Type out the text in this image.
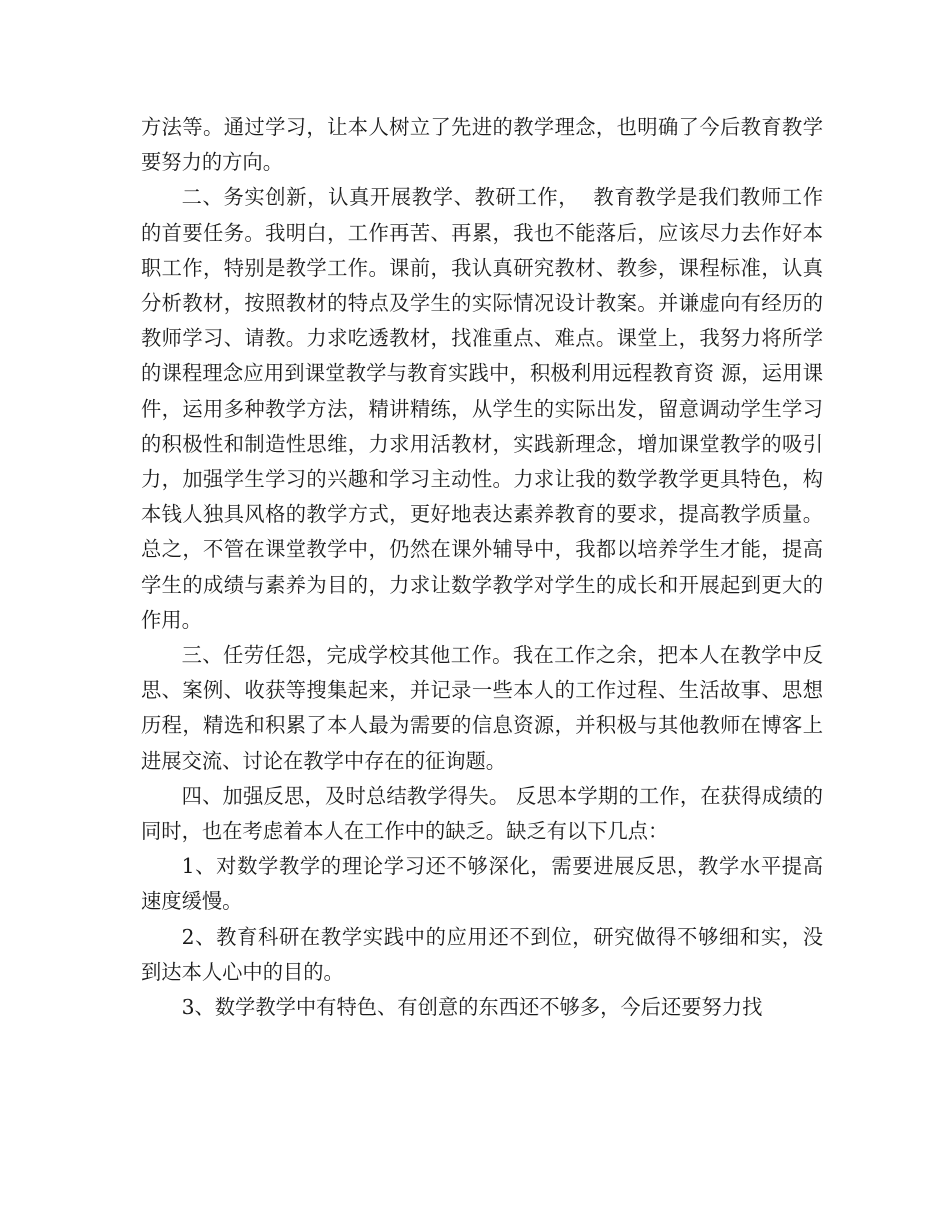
方法等。通过学习，让本人树立了先进的教学理念，也明确了今后教育教学要努力的方向。

二、务实创新，认真开展教学、教研工作，  教育教学是我们教师工作的首要任务。我明白，工作再苦、再累，我也不能落后，应该尽力去作好本职工作，特别是教学工作。课前，我认真研究教材、教参，课程标准，认真分析教材，按照教材的特点及学生的实际情况设计教案。并谦虚向有经历的教师学习、请教。力求吃透教材，找准重点、难点。课堂上，我努力将所学的课程理念应用到课堂教学与教育实践中，积极利用远程教育资 源，运用课件，运用多种教学方法，精讲精练，从学生的实际出发，留意调动学生学习的积极性和制造性思维，力求用活教材，实践新理念，增加课堂教学的吸引力，加强学生学习的兴趣和学习主动性。力求让我的数学教学更具特色，构本钱人独具风格的教学方式，更好地表达素养教育的要求，提高教学质量。总之，不管在课堂教学中，仍然在课外辅导中，我都以培养学生才能，提高学生的成绩与素养为目的，力求让数学教学对学生的成长和开展起到更大的作用。

三、任劳任怨，完成学校其他工作。我在工作之余，把本人在教学中反思、案例、收获等搜集起来，并记录一些本人的工作过程、生活故事、思想历程，精选和积累了本人最为需要的信息资源，并积极与其他教师在博客上进展交流、讨论在教学中存在的征询题。

四、加强反思，及时总结教学得失。 反思本学期的工作，在获得成绩的同时，也在考虑着本人在工作中的缺乏。缺乏有以下几点：

1、对数学教学的理论学习还不够深化，需要进展反思，教学水平提高速度缓慢。

2、教育科研在教学实践中的应用还不到位，研究做得不够细和实，没到达本人心中的目的。

3、数学教学中有特色、有创意的东西还不够多，今后还要努力找
